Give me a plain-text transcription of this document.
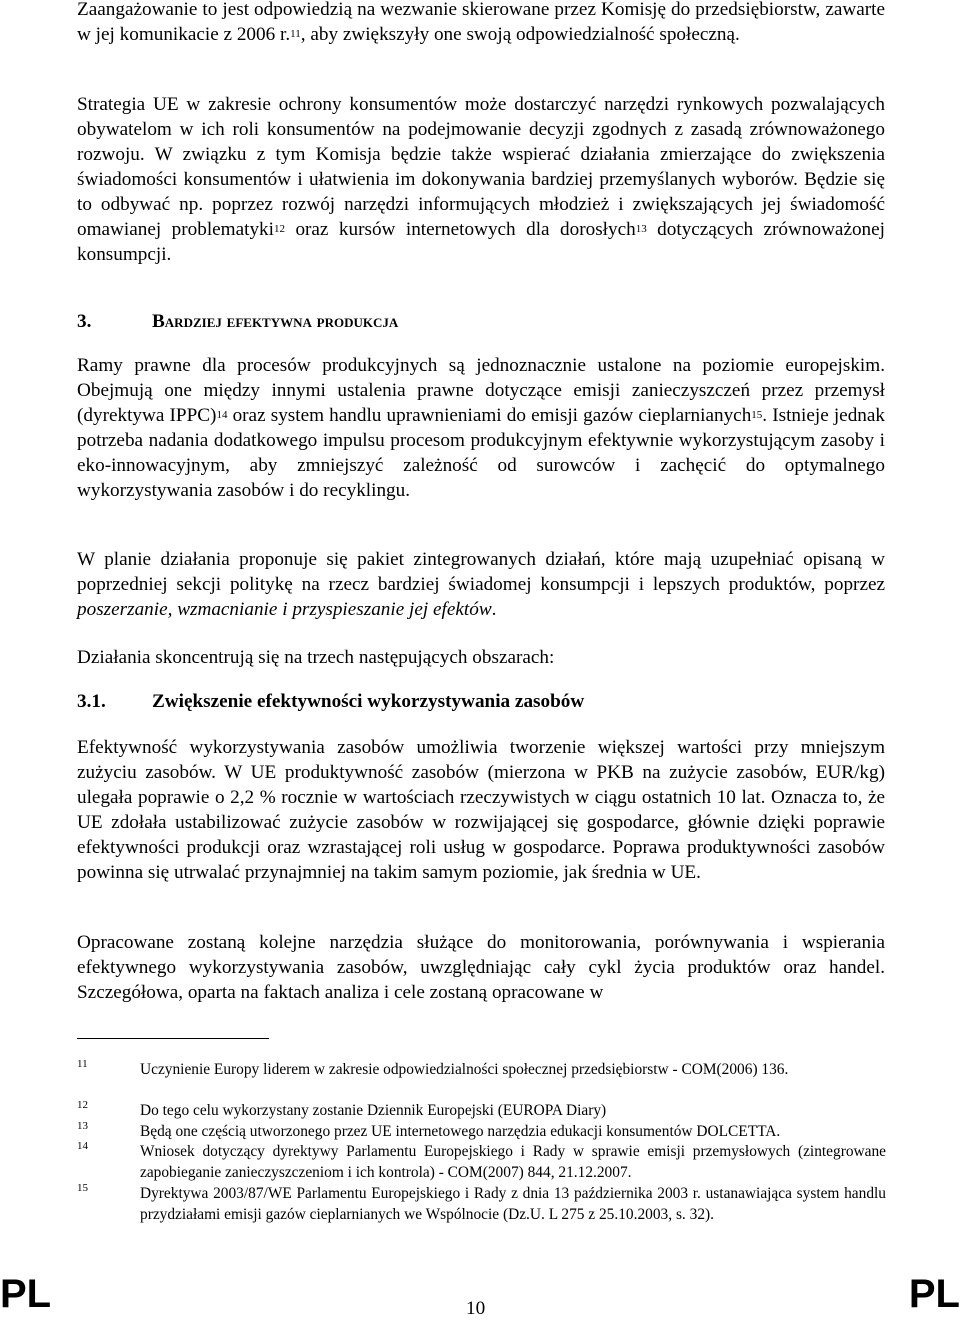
Zaangażowanie to jest odpowiedzią na wezwanie skierowane przez Komisję do przedsiębiorstw, zawarte w jej komunikacie z 2006 r.$^{11}$, aby zwiększyły one swoją odpowiedzialność społeczną.
Strategia UE w zakresie ochrony konsumentów może dostarczyć narzędzi rynkowych pozwalających obywatelom w ich roli konsumentów na podejmowanie decyzji zgodnych z zasadą zrównoważonego rozwoju. W związku z tym Komisja będzie także wspierać działania zmierzające do zwiększenia świadomości konsumentów i ułatwienia im dokonywania bardziej przemyślanych wyborów. Będzie się to odbywać np. poprzez rozwój narzędzi informujących młodzież i zwiększających jej świadomość omawianej problematyki$^{12}$ oraz kursów internetowych dla dorosłych$^{13}$ dotyczących zrównoważonej konsumpcji.
3.	Bardziej efektywna produkcja
Ramy prawne dla procesów produkcyjnych są jednoznacznie ustalone na poziomie europejskim. Obejmują one między innymi ustalenia prawne dotyczące emisji zanieczyszczeń przez przemysł (dyrektywa IPPC)$^{14}$ oraz system handlu uprawnieniami do emisji gazów cieplarnianych$^{15}$. Istnieje jednak potrzeba nadania dodatkowego impulsu procesom produkcyjnym efektywnie wykorzystującym zasoby i eko-innowacyjnym, aby zmniejszyć zależność od surowców i zachęcić do optymalnego wykorzystywania zasobów i do recyklingu.
W planie działania proponuje się pakiet zintegrowanych działań, które mają uzupełniać opisaną w poprzedniej sekcji politykę na rzecz bardziej świadomej konsumpcji i lepszych produktów, poprzez poszerzanie, wzmacnianie i przyspieszanie jej efektów.
Działania skoncentrują się na trzech następujących obszarach:
3.1. Zwiększenie efektywności wykorzystywania zasobów
Efektywność wykorzystywania zasobów umożliwia tworzenie większej wartości przy mniejszym zużyciu zasobów. W UE produktywność zasobów (mierzona w PKB na zużycie zasobów, EUR/kg) ulegała poprawie o 2,2 % rocznie w wartościach rzeczywistych w ciągu ostatnich 10 lat. Oznacza to, że UE zdołała ustabilizować zużycie zasobów w rozwijającej się gospodarce, głównie dzięki poprawie efektywności produkcji oraz wzrastającej roli usług w gospodarce. Poprawa produktywności zasobów powinna się utrwalać przynajmniej na takim samym poziomie, jak średnia w UE.
Opracowane zostaną kolejne narzędzia służące do monitorowania, porównywania i wspierania efektywnego wykorzystywania zasobów, uwzględniając cały cykl życia produktów oraz handel. Szczegółowa, oparta na faktach analiza i cele zostaną opracowane w
11	Uczynienie Europy liderem w zakresie odpowiedzialności społecznej przedsiębiorstw - COM(2006) 136.
12	Do tego celu wykorzystany zostanie Dziennik Europejski (EUROPA Diary)
13	Będą one częścią utworzonego przez UE internetowego narzędzia edukacji konsumentów DOLCETTA.
14	Wniosek dotyczący dyrektywy Parlamentu Europejskiego i Rady w sprawie emisji przemysłowych (zintegrowane zapobieganie zanieczyszczeniom i ich kontrola) - COM(2007) 844, 21.12.2007.
15	Dyrektywa 2003/87/WE Parlamentu Europejskiego i Rady z dnia 13 października 2003 r. ustanawiająca system handlu przydziałami emisji gazów cieplarnianych we Wspólnocie (Dz.U. L 275 z 25.10.2003, s. 32).
PL	10	PL
